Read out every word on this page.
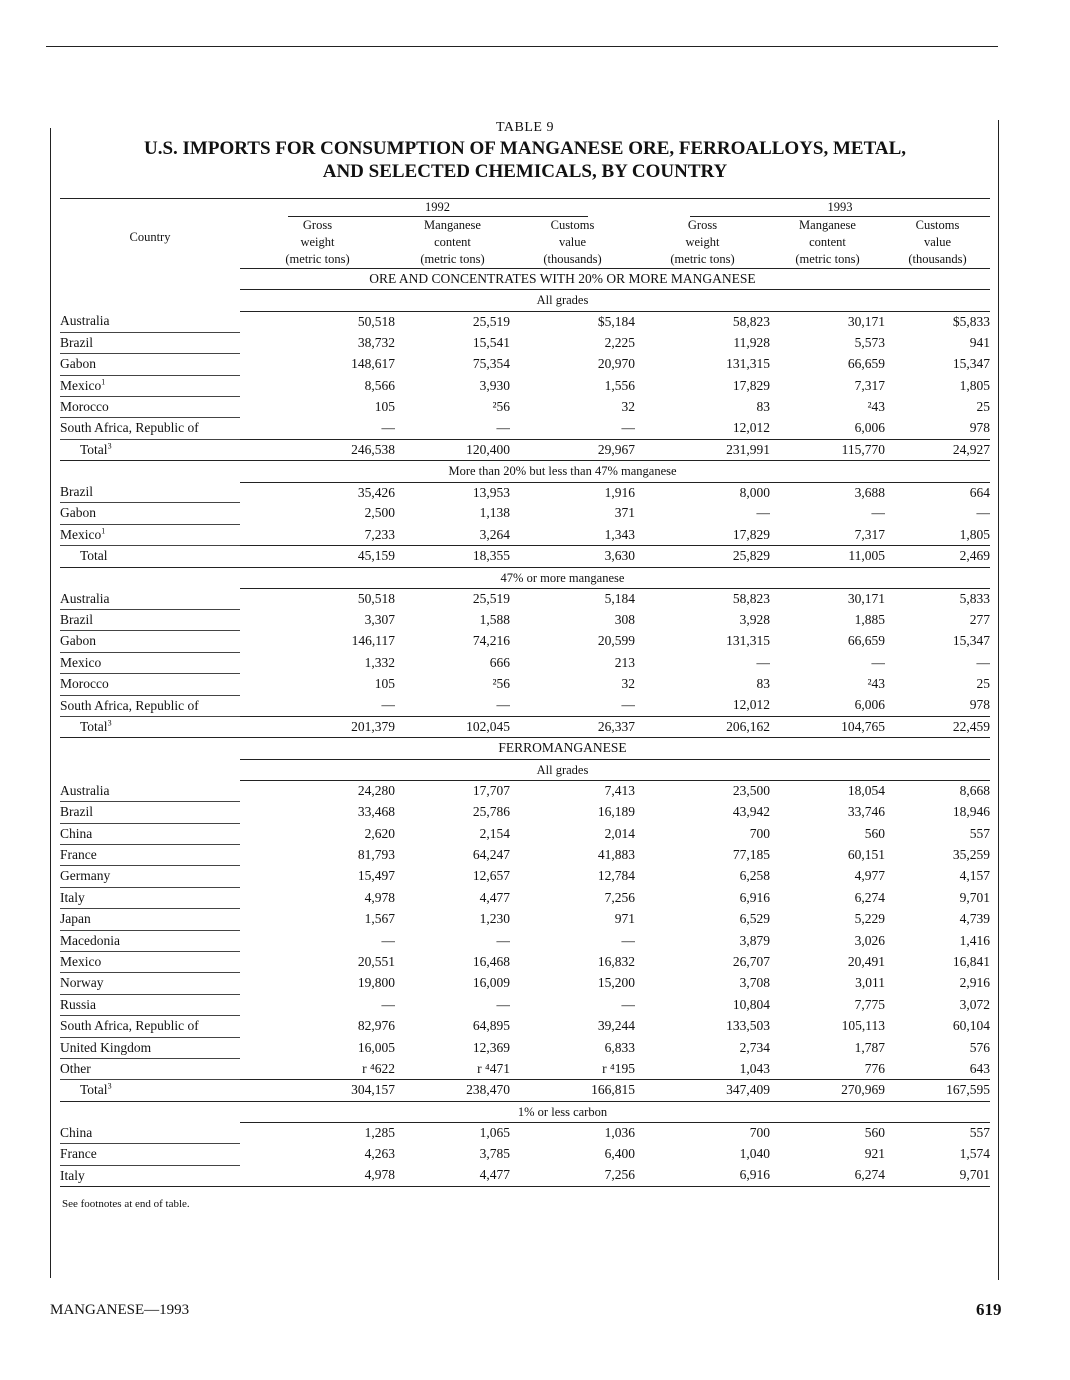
TABLE 9
U.S. IMPORTS FOR CONSUMPTION OF MANGANESE ORE, FERROALLOYS, METAL,
AND SELECTED CHEMICALS, BY COUNTRY
	1992			1993		
Country	Gross	Manganese	Customs	Gross	Manganese	Customs
	weight	content	value	weight	content	value
	(metric tons)	(metric tons)	(thousands)	(metric tons)	(metric tons)	(thousands)
	ORE AND CONCENTRATES WITH 20% OR MORE MANGANESE					
	All grades					
Australia	50,518	25,519	$5,184	58,823	30,171	$5,833
Brazil	38,732	15,541	2,225	11,928	5,573	941
Gabon	148,617	75,354	20,970	131,315	66,659	15,347
Mexico$^1$	8,566	3,930	1,556	17,829	7,317	1,805
Morocco	105	²56	32	83	²43	25
South Africa, Republic of	—	—	—	12,012	6,006	978
Total$^3$	246,538	120,400	29,967	231,991	115,770	24,927
	More than 20% but less than 47% manganese					
Brazil	35,426	13,953	1,916	8,000	3,688	664
Gabon	2,500	1,138	371	—	—	—
Mexico$^1$	7,233	3,264	1,343	17,829	7,317	1,805
Total	45,159	18,355	3,630	25,829	11,005	2,469
	47% or more manganese					
Australia	50,518	25,519	5,184	58,823	30,171	5,833
Brazil	3,307	1,588	308	3,928	1,885	277
Gabon	146,117	74,216	20,599	131,315	66,659	15,347
Mexico	1,332	666	213	—	—	—
Morocco	105	²56	32	83	²43	25
South Africa, Republic of	—	—	—	12,012	6,006	978
Total$^3$	201,379	102,045	26,337	206,162	104,765	22,459
	FERROMANGANESE					
	All grades					
Australia	24,280	17,707	7,413	23,500	18,054	8,668
Brazil	33,468	25,786	16,189	43,942	33,746	18,946
China	2,620	2,154	2,014	700	560	557
France	81,793	64,247	41,883	77,185	60,151	35,259
Germany	15,497	12,657	12,784	6,258	4,977	4,157
Italy	4,978	4,477	7,256	6,916	6,274	9,701
Japan	1,567	1,230	971	6,529	5,229	4,739
Macedonia	—	—	—	3,879	3,026	1,416
Mexico	20,551	16,468	16,832	26,707	20,491	16,841
Norway	19,800	16,009	15,200	3,708	3,011	2,916
Russia	—	—	—	10,804	7,775	3,072
South Africa, Republic of	82,976	64,895	39,244	133,503	105,113	60,104
United Kingdom	16,005	12,369	6,833	2,734	1,787	576
Other	r ⁴622	r ⁴471	r ⁴195	1,043	776	643
Total$^3$	304,157	238,470	166,815	347,409	270,969	167,595
	1% or less carbon					
China	1,285	1,065	1,036	700	560	557
France	4,263	3,785	6,400	1,040	921	1,574
Italy	4,978	4,477	7,256	6,916	6,274	9,701
See footnotes at end of table.
MANGANESE—1993	619
